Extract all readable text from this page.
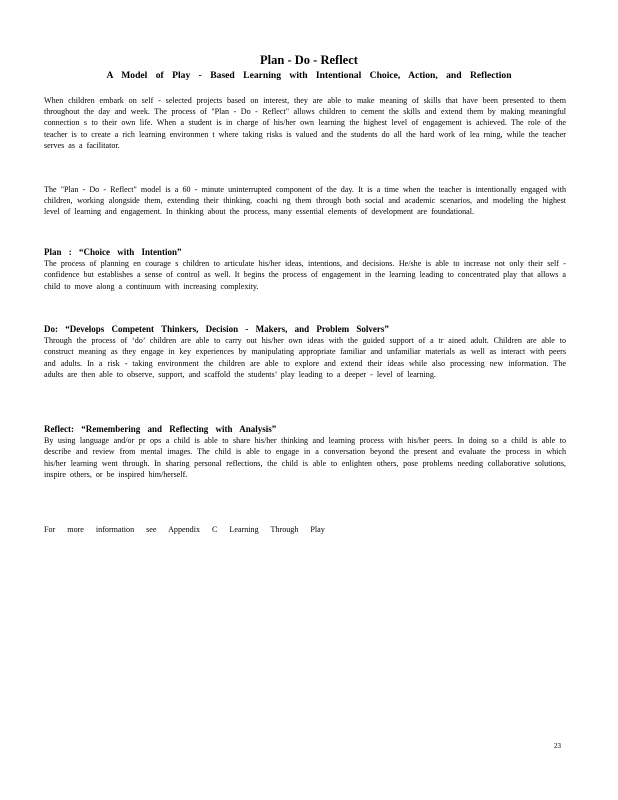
Plan - Do - Reflect
A Model of Play - Based Learning with Intentional Choice, Action, and Reflection
When children embark on self - selected projects based on interest, they are able to make meaning of skills that have been presented to them throughout the day and week. The process of "Plan - Do - Reflect" allows children to cement the skills and extend them by making meaningful connection s to their own life. When a student is in charge of his/her own learning the highest level of engagement is achieved. The role of the teacher is to create a rich learning environmen t where taking risks is valued and the students do all the hard work of lea rning, while the teacher serves as a facilitator.
The "Plan - Do - Reflect" model is a 60 - minute uninterrupted component of the day. It is a time when the teacher is intentionally engaged with children, working alongside them, extending their thinking, coachi ng them through both social and academic scenarios, and modeling the highest level of learning and engagement. In thinking about the process, many essential elements of development are foundational.
Plan : “Choice with Intention”
The process of planning en courage s children to articulate his/her ideas, intentions, and decisions. He/she is able to increase not only their self - confidence but establishes a sense of control as well. It begins the process of engagement in the learning leading to concentrated play that allows a child to move along a continuum with increasing complexity.
Do: “Develops Competent Thinkers, Decision - Makers, and Problem Solvers”
Through the process of ‘do’ children are able to carry out his/her own ideas with the guided support of a tr ained adult. Children are able to construct meaning as they engage in key experiences by manipulating appropriate familiar and unfamiliar materials as well as interact with peers and adults. In a risk - taking environment the children are able to explore and extend their ideas while also processing new information. The adults are then able to observe, support, and scaffold the students’ play leading to a deeper - level of learning.
Reflect: “Remembering and Reflecting with Analysis”
By using language and/or pr ops a child is able to share his/her thinking and learning process with his/her peers. In doing so a child is able to describe and review from mental images. The child is able to engage in a conversation beyond the present and evaluate the process in which his/her learning went through. In sharing personal reflections, the child is able to enlighten others, pose problems needing collaborative solutions, inspire others, or be inspired him/herself.
For more information see Appendix C Learning Through Play
23
